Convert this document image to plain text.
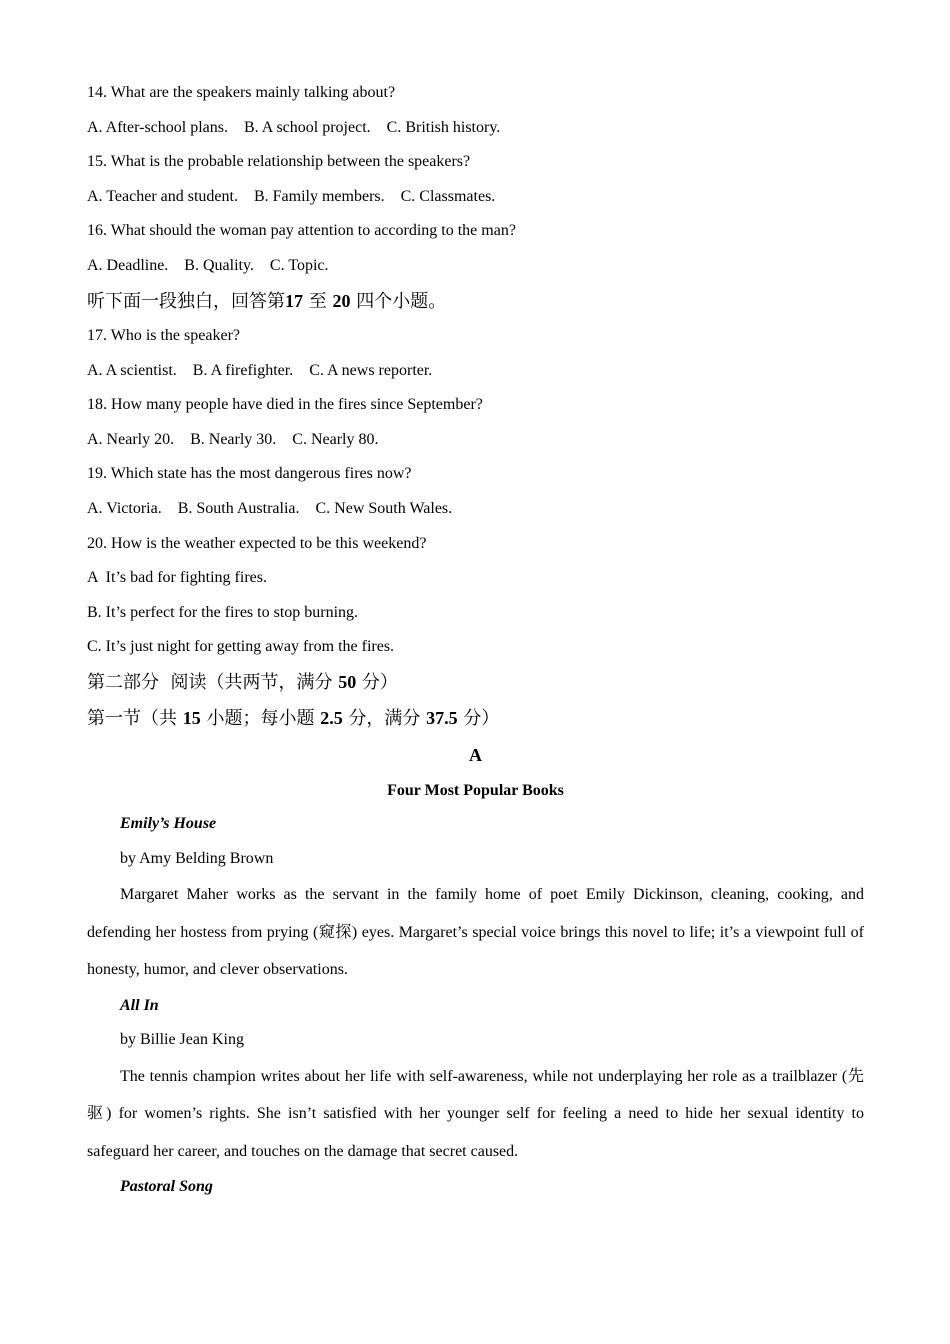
14. What are the speakers mainly talking about?
A. After-school plans.    B. A school project.    C. British history.
15. What is the probable relationship between the speakers?
A. Teacher and student.    B. Family members.    C. Classmates.
16. What should the woman pay attention to according to the man?
A. Deadline.    B. Quality.    C. Topic.
听下面一段独白，回答第17 至 20 四个小题。
17. Who is the speaker?
A. A scientist.    B. A firefighter.    C. A news reporter.
18. How many people have died in the fires since September?
A. Nearly 20.    B. Nearly 30.    C. Nearly 80.
19. Which state has the most dangerous fires now?
A. Victoria.    B. South Australia.    C. New South Wales.
20. How is the weather expected to be this weekend?
A  It’s bad for fighting fires.
B. It’s perfect for the fires to stop burning.
C. It’s just night for getting away from the fires.
第二部分  阅读（共两节，满分 50 分）
第一节（共 15 小题；每小题 2.5 分，满分 37.5 分）
A
Four Most Popular Books
Emily’s House
by Amy Belding Brown
Margaret Maher works as the servant in the family home of poet Emily Dickinson, cleaning, cooking, and defending her hostess from prying (窥探) eyes. Margaret’s special voice brings this novel to life; it’s a viewpoint full of honesty, humor, and clever observations.
All In
by Billie Jean King
The tennis champion writes about her life with self-awareness, while not underplaying her role as a trailblazer (先驱) for women’s rights. She isn’t satisfied with her younger self for feeling a need to hide her sexual identity to safeguard her career, and touches on the damage that secret caused.
Pastoral Song
